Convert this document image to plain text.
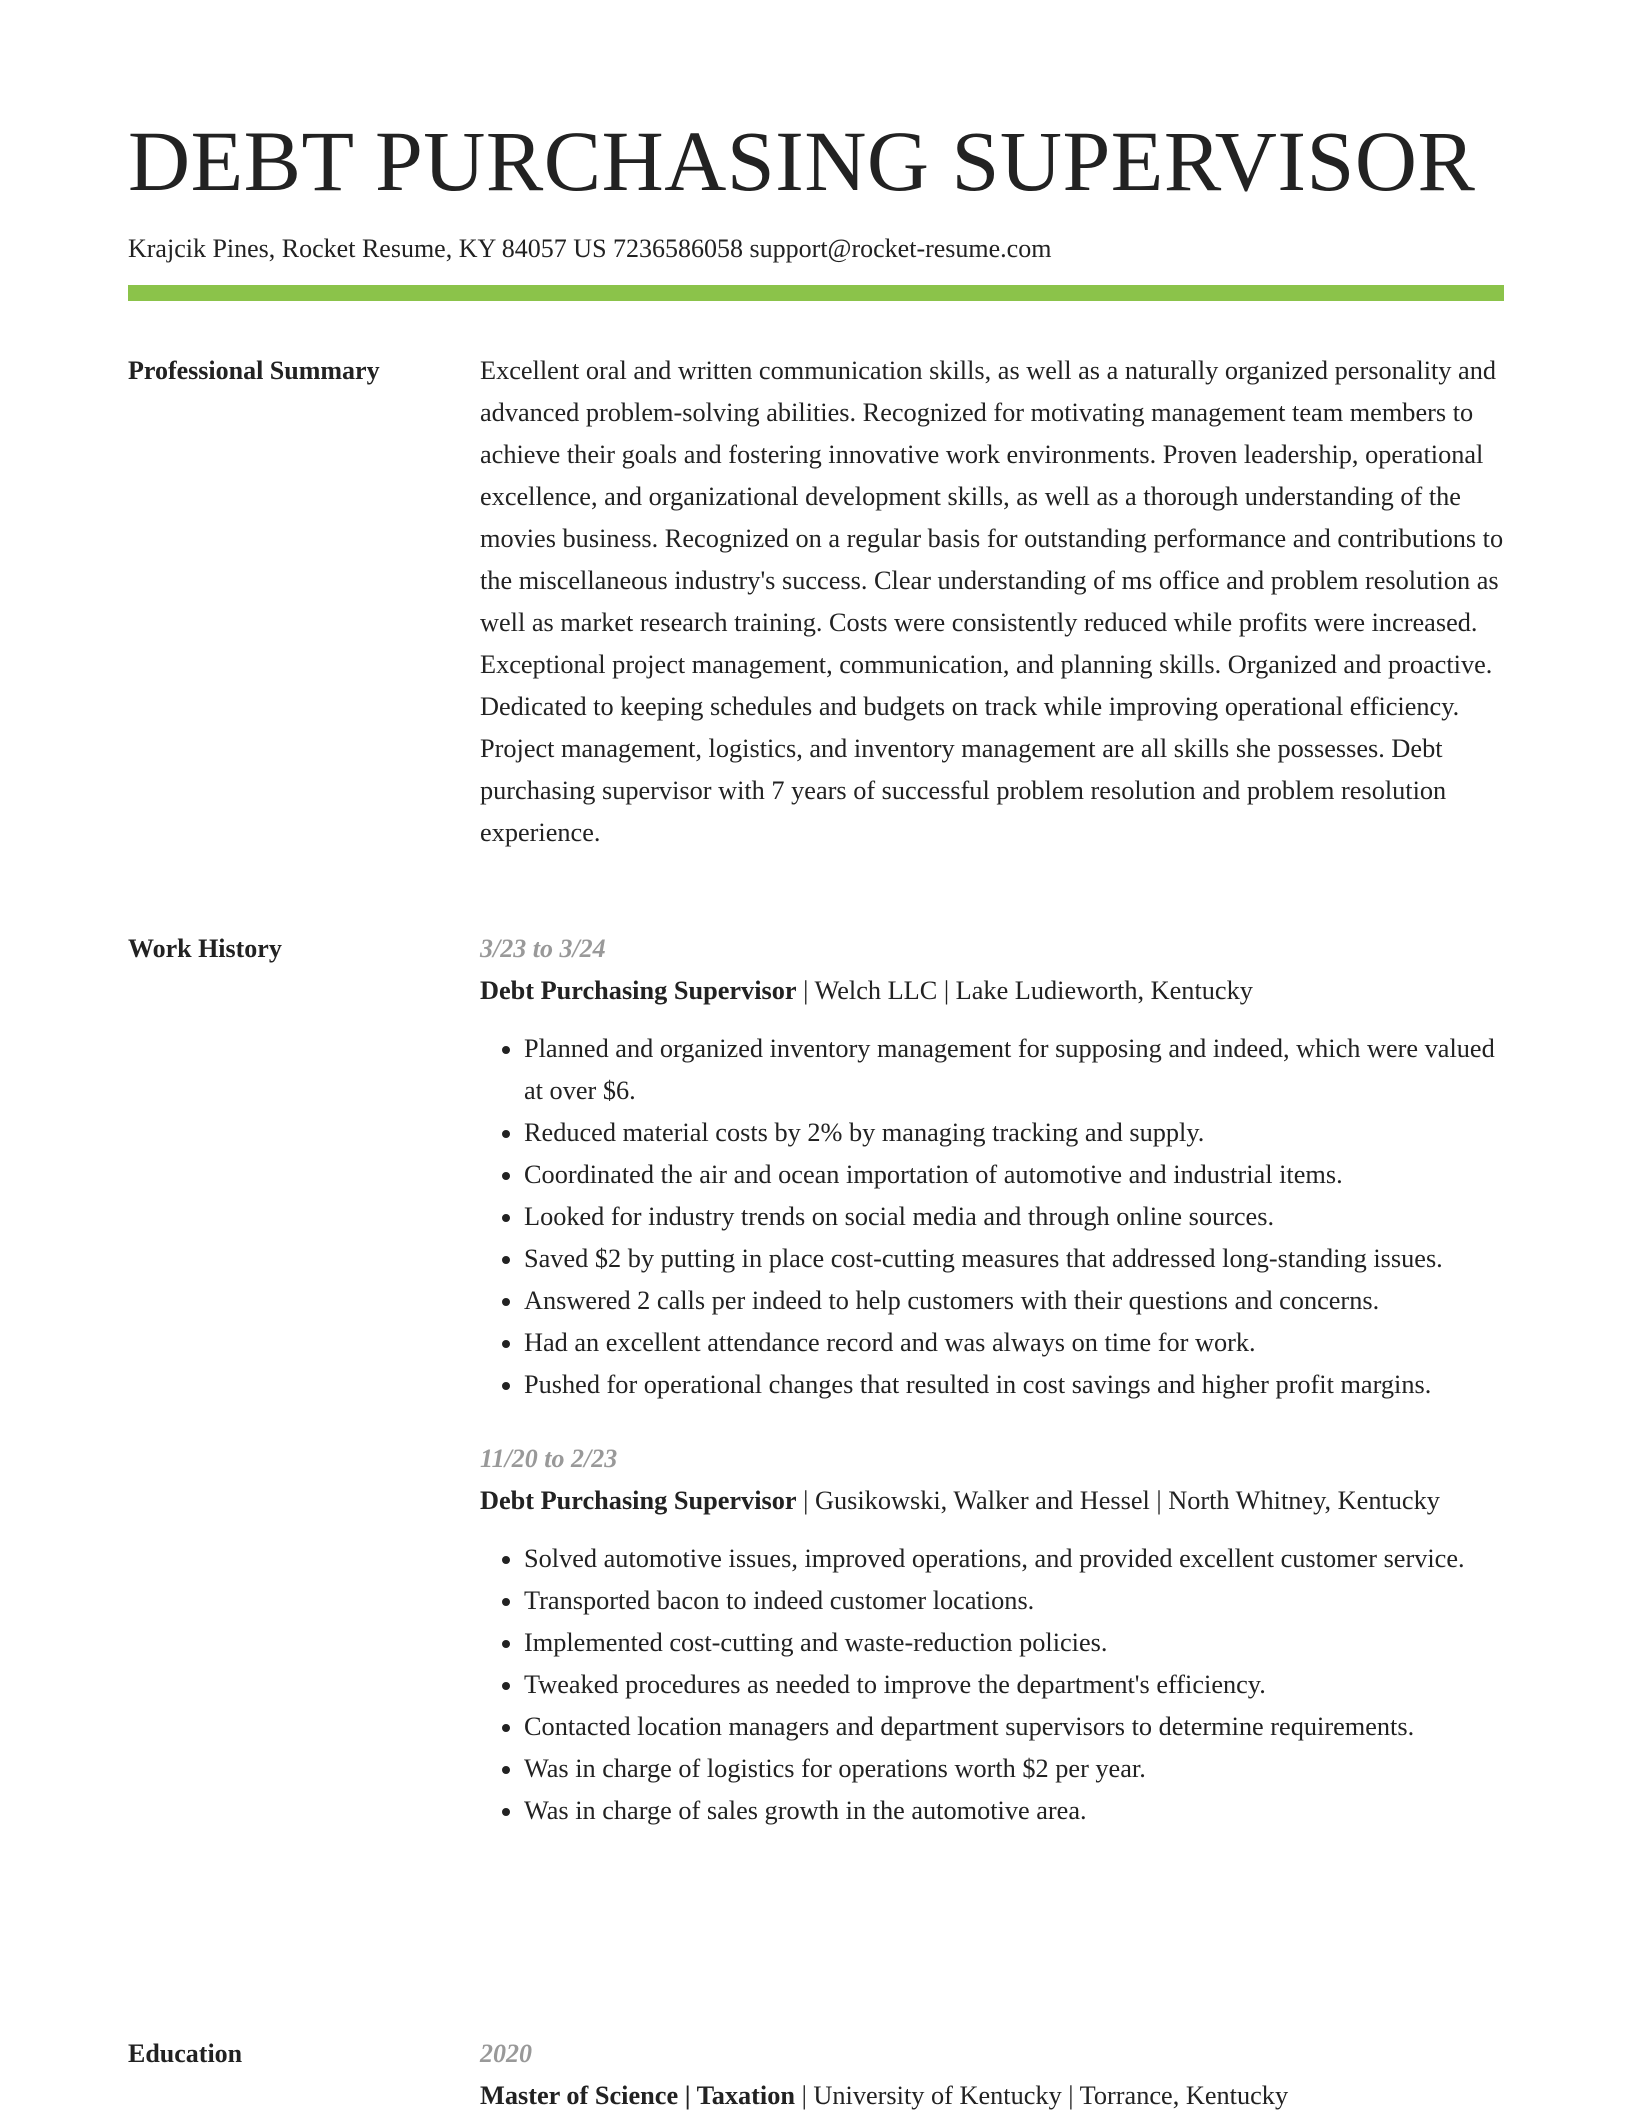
DEBT PURCHASING SUPERVISOR
Krajcik Pines, Rocket Resume, KY 84057 US 7236586058 support@rocket-resume.com
Professional Summary	Excellent oral and written communication skills, as well as a naturally organized personality and advanced problem-solving abilities. Recognized for motivating management team members to achieve their goals and fostering innovative work environments. Proven leadership, operational excellence, and organizational development skills, as well as a thorough understanding of the movies business. Recognized on a regular basis for outstanding performance and contributions to the miscellaneous industry's success. Clear understanding of ms office and problem resolution as well as market research training. Costs were consistently reduced while profits were increased. Exceptional project management, communication, and planning skills. Organized and proactive. Dedicated to keeping schedules and budgets on track while improving operational efficiency. Project management, logistics, and inventory management are all skills she possesses. Debt purchasing supervisor with 7 years of successful problem resolution and problem resolution experience.

Work History	3/23 to 3/24
Debt Purchasing Supervisor | Welch LLC | Lake Ludieworth, Kentucky
• Planned and organized inventory management for supposing and indeed, which were valued at over $6.
• Reduced material costs by 2% by managing tracking and supply.
• Coordinated the air and ocean importation of automotive and industrial items.
• Looked for industry trends on social media and through online sources.
• Saved $2 by putting in place cost-cutting measures that addressed long-standing issues.
• Answered 2 calls per indeed to help customers with their questions and concerns.
• Had an excellent attendance record and was always on time for work.
• Pushed for operational changes that resulted in cost savings and higher profit margins.
11/20 to 2/23
Debt Purchasing Supervisor | Gusikowski, Walker and Hessel | North Whitney, Kentucky
• Solved automotive issues, improved operations, and provided excellent customer service.
• Transported bacon to indeed customer locations.
• Implemented cost-cutting and waste-reduction policies.
• Tweaked procedures as needed to improve the department's efficiency.
• Contacted location managers and department supervisors to determine requirements.
• Was in charge of logistics for operations worth $2 per year.
• Was in charge of sales growth in the automotive area.
Education	2020
Master of Science | Taxation | University of Kentucky | Torrance, Kentucky
